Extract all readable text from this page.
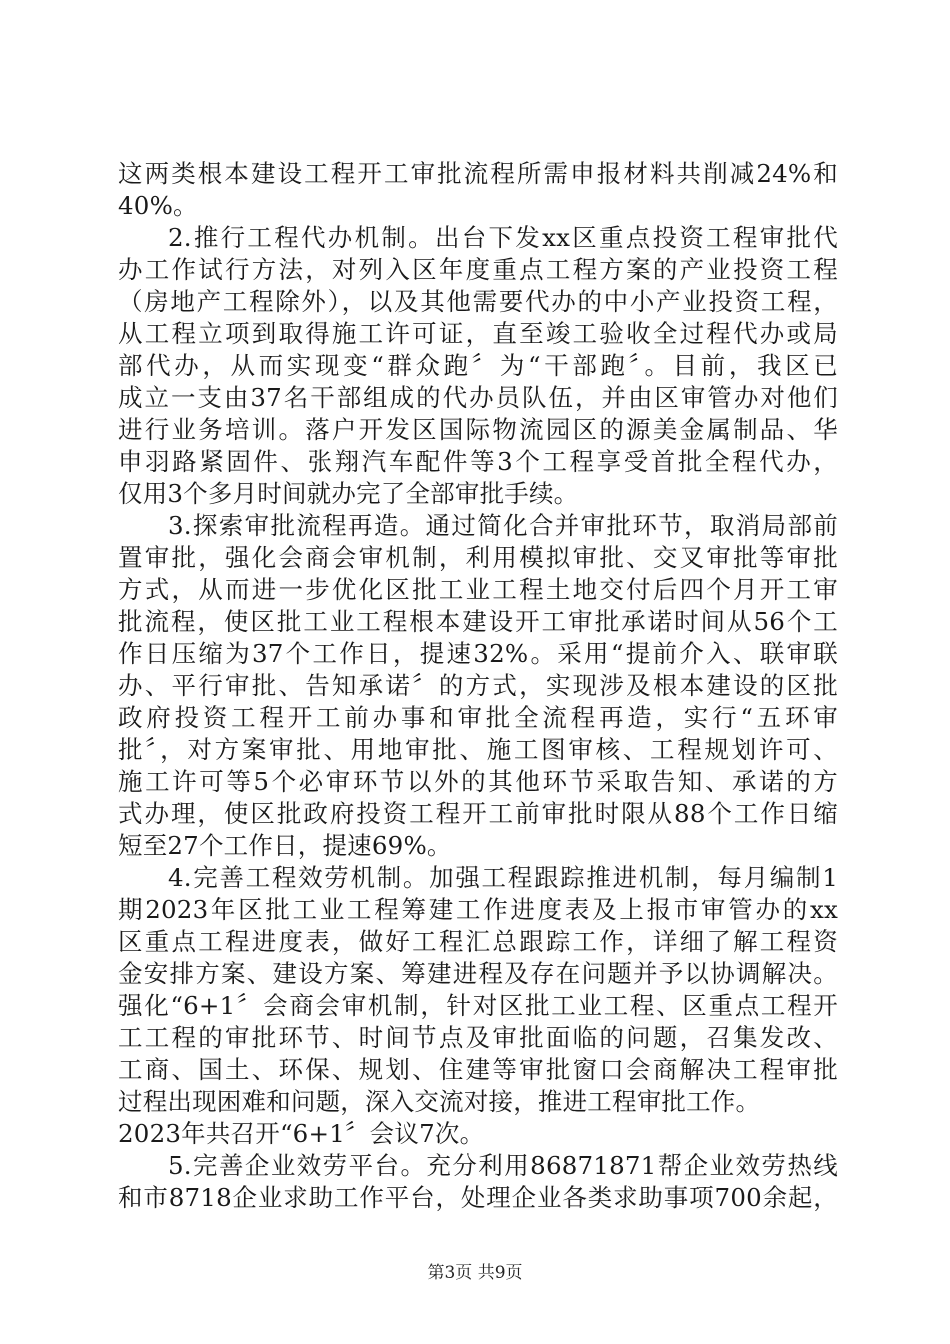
这两类根本建设工程开工审批流程所需申报材料共削减24%和
40%。
2.推行工程代办机制。出台下发xx区重点投资工程审批代
办工作试行方法，对列入区年度重点工程方案的产业投资工程
（房地产工程除外），以及其他需要代办的中小产业投资工程，
从工程立项到取得施工许可证，直至竣工验收全过程代办或局
部代办，从而实现变“群众跑〞为“干部跑〞。目前，我区已
成立一支由37名干部组成的代办员队伍，并由区审管办对他们
进行业务培训。落户开发区国际物流园区的源美金属制品、华
申羽路紧固件、张翔汽车配件等3个工程享受首批全程代办，
仅用3个多月时间就办完了全部审批手续。
3.探索审批流程再造。通过简化合并审批环节，取消局部前
置审批，强化会商会审机制，利用模拟审批、交叉审批等审批
方式，从而进一步优化区批工业工程土地交付后四个月开工审
批流程，使区批工业工程根本建设开工审批承诺时间从56个工
作日压缩为37个工作日，提速32%。采用“提前介入、联审联
办、平行审批、告知承诺〞的方式，实现涉及根本建设的区批
政府投资工程开工前办事和审批全流程再造，实行“五环审
批〞，对方案审批、用地审批、施工图审核、工程规划许可、
施工许可等5个必审环节以外的其他环节采取告知、承诺的方
式办理，使区批政府投资工程开工前审批时限从88个工作日缩
短至27个工作日，提速69%。
4.完善工程效劳机制。加强工程跟踪推进机制，每月编制1
期2023年区批工业工程筹建工作进度表及上报市审管办的xx
区重点工程进度表，做好工程汇总跟踪工作，详细了解工程资
金安排方案、建设方案、筹建进程及存在问题并予以协调解决。
强化“6+1〞会商会审机制，针对区批工业工程、区重点工程开
工工程的审批环节、时间节点及审批面临的问题，召集发改、
工商、国土、环保、规划、住建等审批窗口会商解决工程审批
过程出现困难和问题，深入交流对接，推进工程审批工作。
2023年共召开“6+1〞会议7次。
5.完善企业效劳平台。充分利用86871871帮企业效劳热线
和市8718企业求助工作平台，处理企业各类求助事项700余起，
第3页 共9页
